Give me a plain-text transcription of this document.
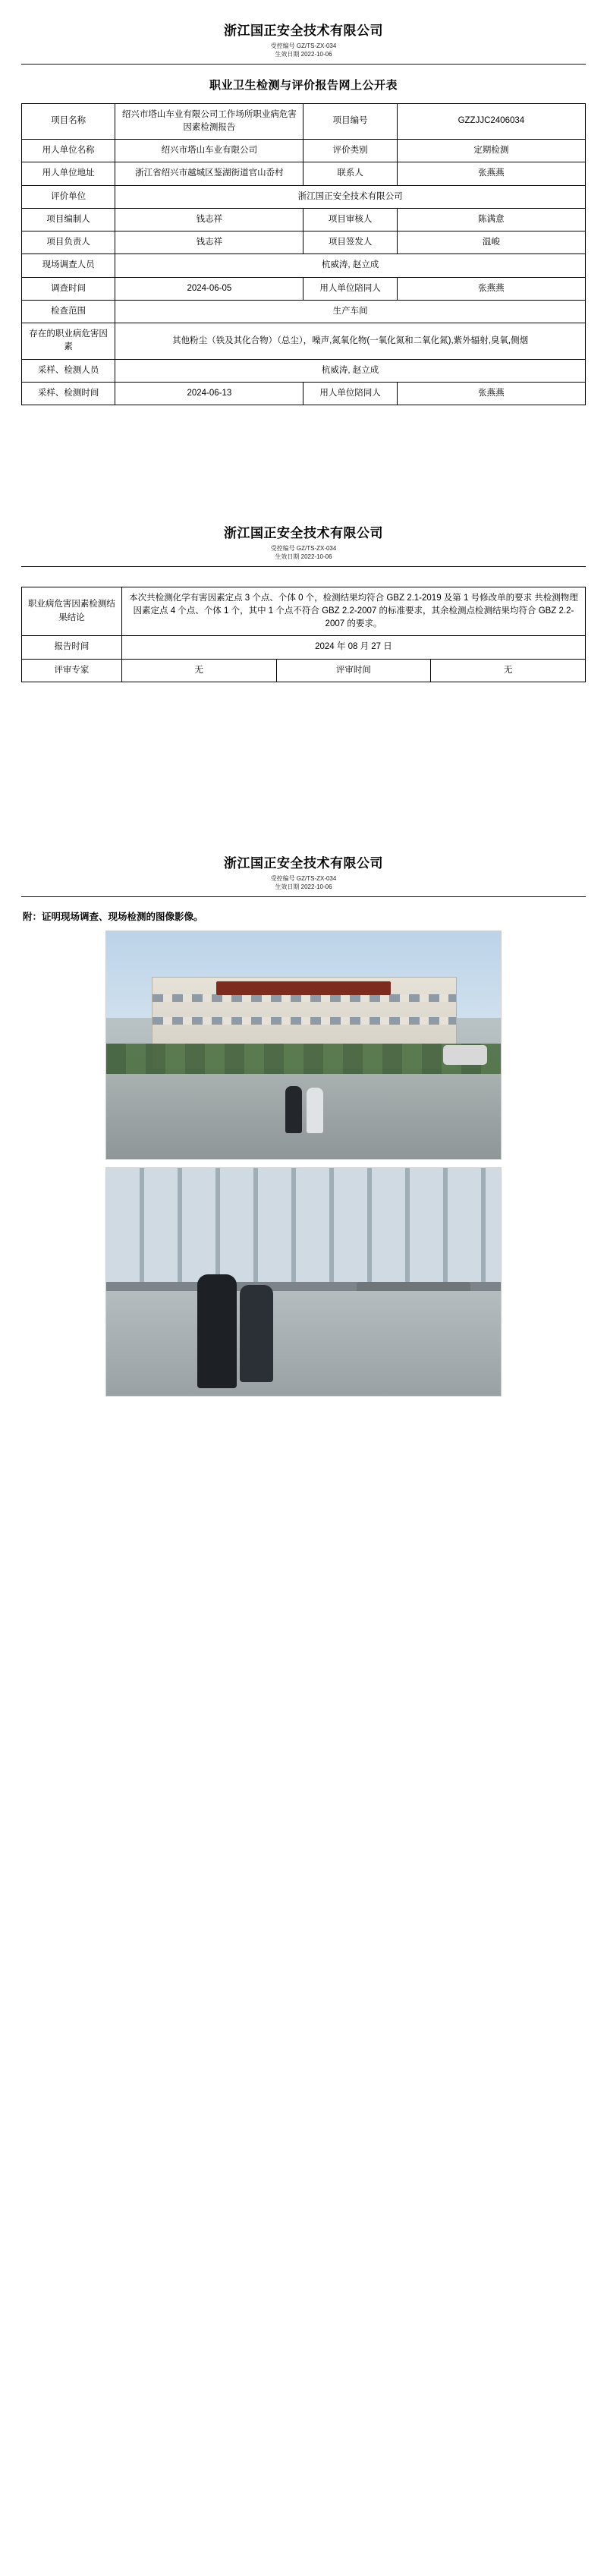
浙江国正安全技术有限公司
受控编号 GZ/TS-ZX-034
生效日期 2022-10-06
职业卫生检测与评价报告网上公开表
项目名称	绍兴市塔山车业有限公司工作场所职业病危害因素检测报告	项目编号	GZZJJC2406034
用人单位名称	绍兴市塔山车业有限公司	评价类别	定期检测
用人单位地址	浙江省绍兴市越城区鉴湖街道官山岙村	联系人	张燕燕
评价单位	浙江国正安全技术有限公司		
项目编制人	钱志祥	项目审核人	陈满意
项目负责人	钱志祥	项目签发人	温峻
现场调查人员	杭威涛, 赵立成		
调查时间	2024-06-05	用人单位陪同人	张燕燕
检查范围	生产车间		
存在的职业病危害因素	其他粉尘（铁及其化合物）（总尘），噪声,氮氧化物(一氧化氮和二氧化氮),紫外辐射,臭氧,侧烟		
采样、检测人员	杭威涛, 赵立成		
采样、检测时间	2024-06-13	用人单位陪同人	张燕燕
浙江国正安全技术有限公司
受控编号 GZ/TS-ZX-034
生效日期 2022-10-06
职业病危害因素检测结果结论	本次共检测化学有害因素定点 3 个点、个体 0 个，检测结果均符合 GBZ 2.1-2019 及第 1 号修改单的要求 共检测物理因素定点 4 个点、个体 1 个，其中 1 个点不符合 GBZ 2.2-2007 的标准要求，其余检测点检测结果均符合 GBZ 2.2-2007 的要求。		
报告时间	2024 年 08 月 27 日		
评审专家	无	评审时间	无
浙江国正安全技术有限公司
受控编号 GZ/TS-ZX-034
生效日期 2022-10-06
附：证明现场调查、现场检测的图像影像。
